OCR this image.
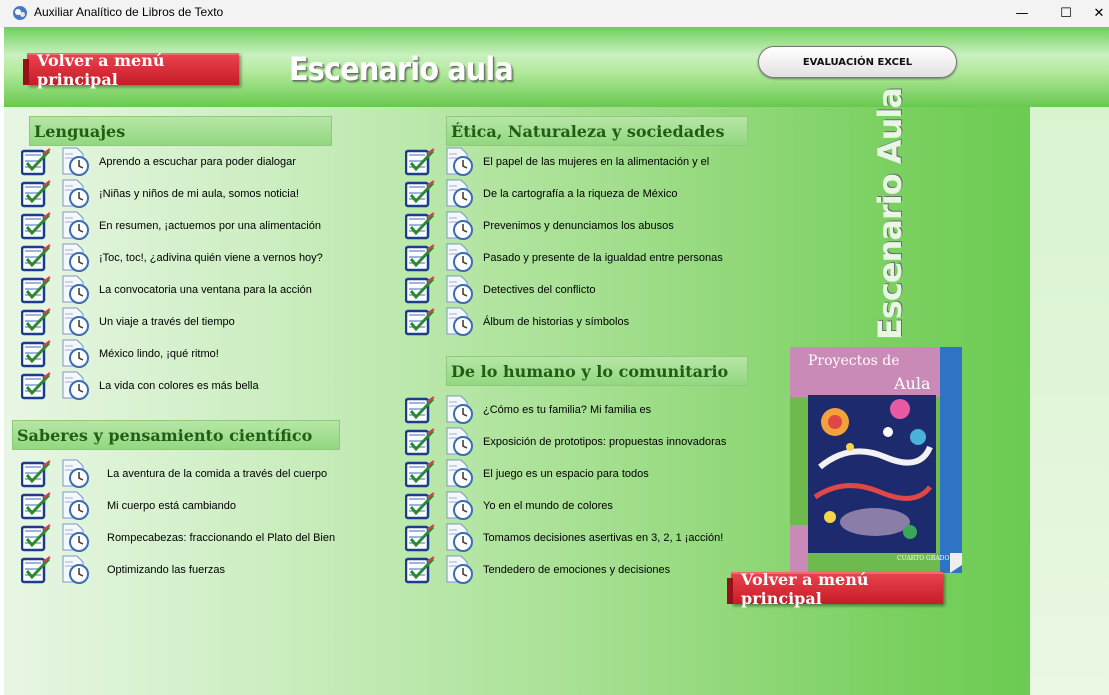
Auxiliar Analítico de Libros de Texto	—	☐	✕
Volver a menú principal	Escenario aula	EVALUACIÓN EXCEL
Lenguajes
Saberes y pensamiento científico
Ética, Naturaleza y sociedades
De lo humano y lo comunitario
Aprendo a escuchar para poder dialogar
¡Niñas y niños de mi aula, somos noticia!
En resumen, ¡actuemos por una alimentación
¡Toc, toc!, ¿adivina quién viene a vernos hoy?
La convocatoria una ventana para la acción
Un viaje a través del tiempo
México lindo, ¡qué ritmo!
La vida con colores es más bella
La aventura de la comida a través del cuerpo
Mi cuerpo está cambiando
Rompecabezas: fraccionando el Plato del Bien
Optimizando las fuerzas
El papel de las mujeres en la alimentación y el
De la cartografía a la riqueza de México
Prevenimos y denunciamos los abusos
Pasado y presente de la igualdad entre personas
Detectives del conflicto
Álbum de historias y símbolos
¿Cómo es tu familia? Mi familia es
Exposición de prototipos: propuestas innovadoras
El juego es un espacio para todos
Yo en el mundo de colores
Tomamos decisiones asertivas en 3, 2, 1 ¡acción!
Tendedero de emociones y decisiones
Escenario Aula
Proyectos de
Aula
CUARTO GRADO
Volver a menú principal
